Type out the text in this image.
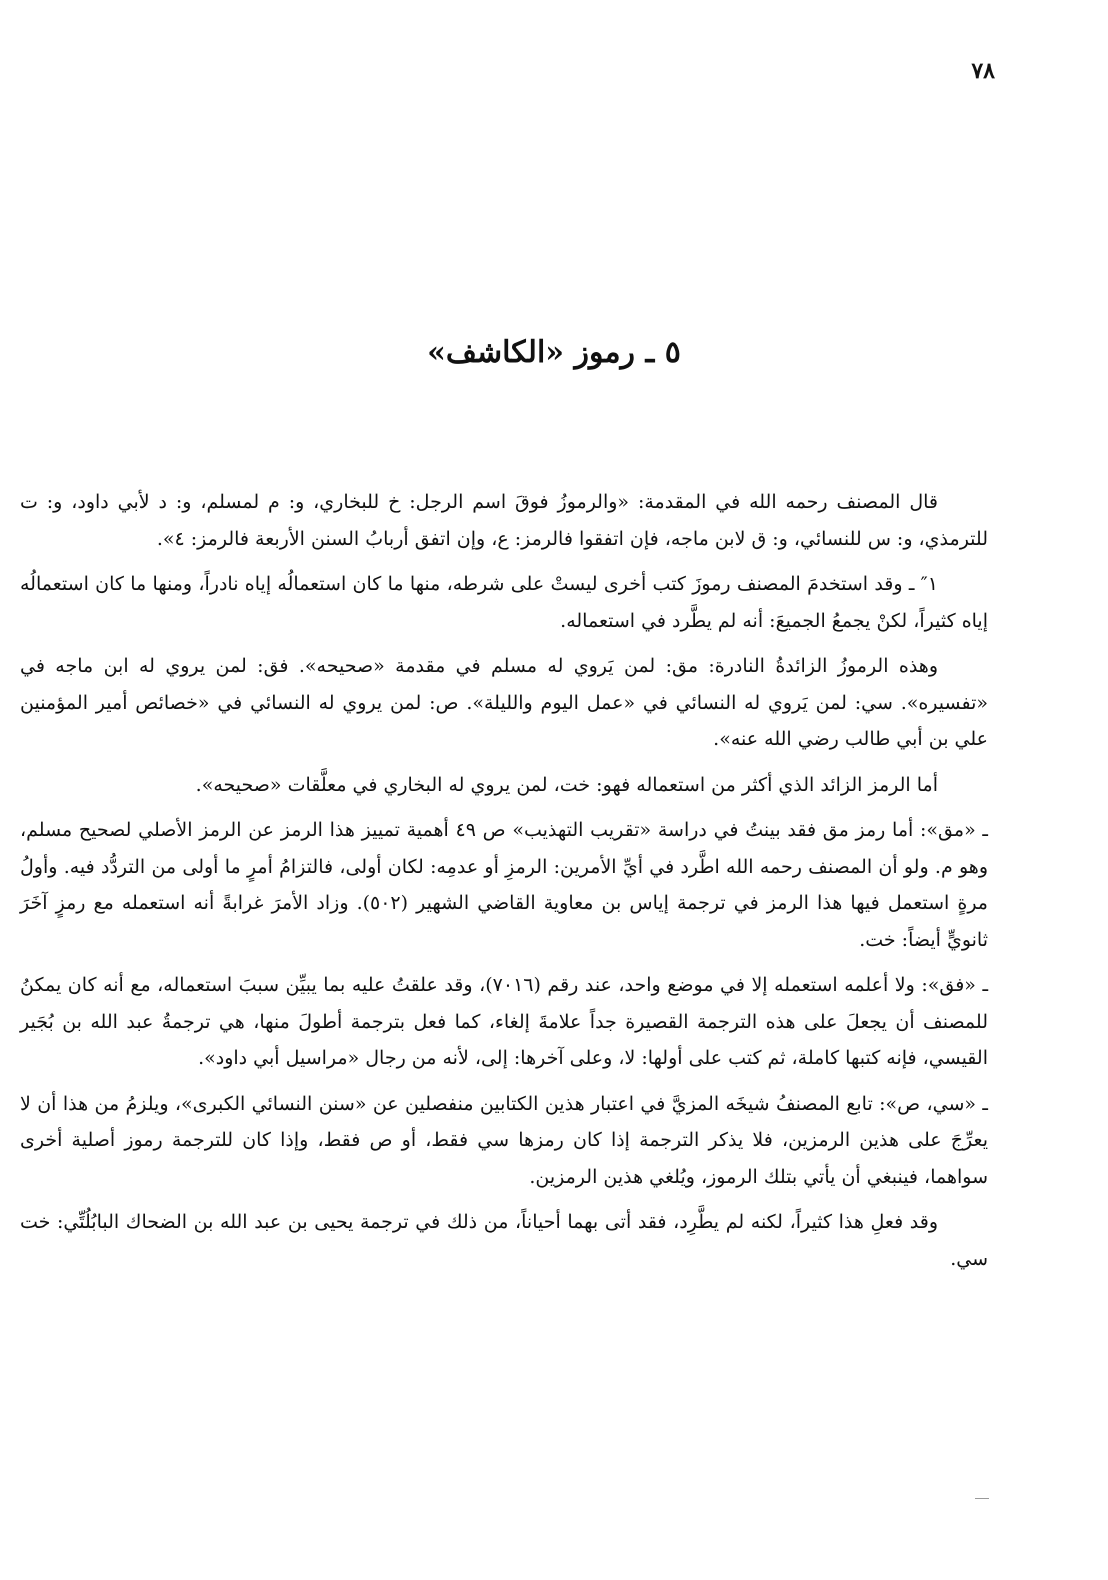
٧٨
٥ ـ رموز «الكاشف»

قال المصنف رحمه الله في المقدمة: «والرموزُ فوقَ اسم الرجل: خ للبخاري، و: م لمسلم، و: د لأبي داود، و: ت للترمذي، و: س للنسائي، و: ق لابن ماجه، فإن اتفقوا فالرمز: ع، وإن اتفق أربابُ السنن الأربعة فالرمز: ٤».

١″ ـ وقد استخدمَ المصنف رموزَ كتب أخرى ليستْ على شرطه، منها ما كان استعمالُه إياه نادراً، ومنها ما كان استعمالُه إياه كثيراً، لكنْ يجمعُ الجميعَ: أنه لم يطَّرد في استعماله.

وهذه الرموزُ الزائدةُ النادرة: مق: لمن يَروي له مسلم في مقدمة «صحيحه». فق: لمن يروي له ابن ماجه في «تفسيره». سي: لمن يَروي له النسائي في «عمل اليوم والليلة». ص: لمن يروي له النسائي في «خصائص أمير المؤمنين علي بن أبي طالب رضي الله عنه».

أما الرمز الزائد الذي أكثر من استعماله فهو: خت، لمن يروي له البخاري في معلَّقات «صحيحه».

ـ «مق»: أما رمز مق فقد بينتُ في دراسة «تقريب التهذيب» ص ٤٩ أهمية تمييز هذا الرمز عن الرمز الأصلي لصحيح مسلم، وهو م. ولو أن المصنف رحمه الله اطَّرد في أيِّ الأمرين: الرمزِ أو عدمِه: لكان أولى، فالتزامُ أمرٍ ما أولى من التردُّد فيه. وأولُ مرةٍ استعمل فيها هذا الرمز في ترجمة إياس بن معاوية القاضي الشهير (٥٠٢). وزاد الأمرَ غرابةً أنه استعمله مع رمزٍ آخَرَ ثانويٍّ أيضاً: خت.

ـ «فق»: ولا أعلمه استعمله إلا في موضع واحد، عند رقم (٧٠١٦)، وقد علقتُ عليه بما يبيِّن سببَ استعماله، مع أنه كان يمكنُ للمصنف أن يجعلَ على هذه الترجمة القصيرة جداً علامةَ إلغاء، كما فعل بترجمة أطولَ منها، هي ترجمةُ عبد الله بن بُجَير القيسي، فإنه كتبها كاملة، ثم كتب على أولها: لا، وعلى آخرها: إلى، لأنه من رجال «مراسيل أبي داود».

ـ «سي، ص»: تابع المصنفُ شيخَه المزيَّ في اعتبار هذين الكتابين منفصلين عن «سنن النسائي الكبرى»، ويلزمُ من هذا أن لا يعرِّجَ على هذين الرمزين، فلا يذكر الترجمة إذا كان رمزها سي فقط، أو ص فقط، وإذا كان للترجمة رموز أصلية أخرى سواهما، فينبغي أن يأتي بتلك الرموز، ويُلغي هذين الرمزين.

وقد فعلِ هذا كثيراً، لكنه لم يطَّرِد، فقد أتى بهما أحياناً، من ذلك في ترجمة يحيى بن عبد الله بن الضحاك البابُلُتِّي: خت سي.
